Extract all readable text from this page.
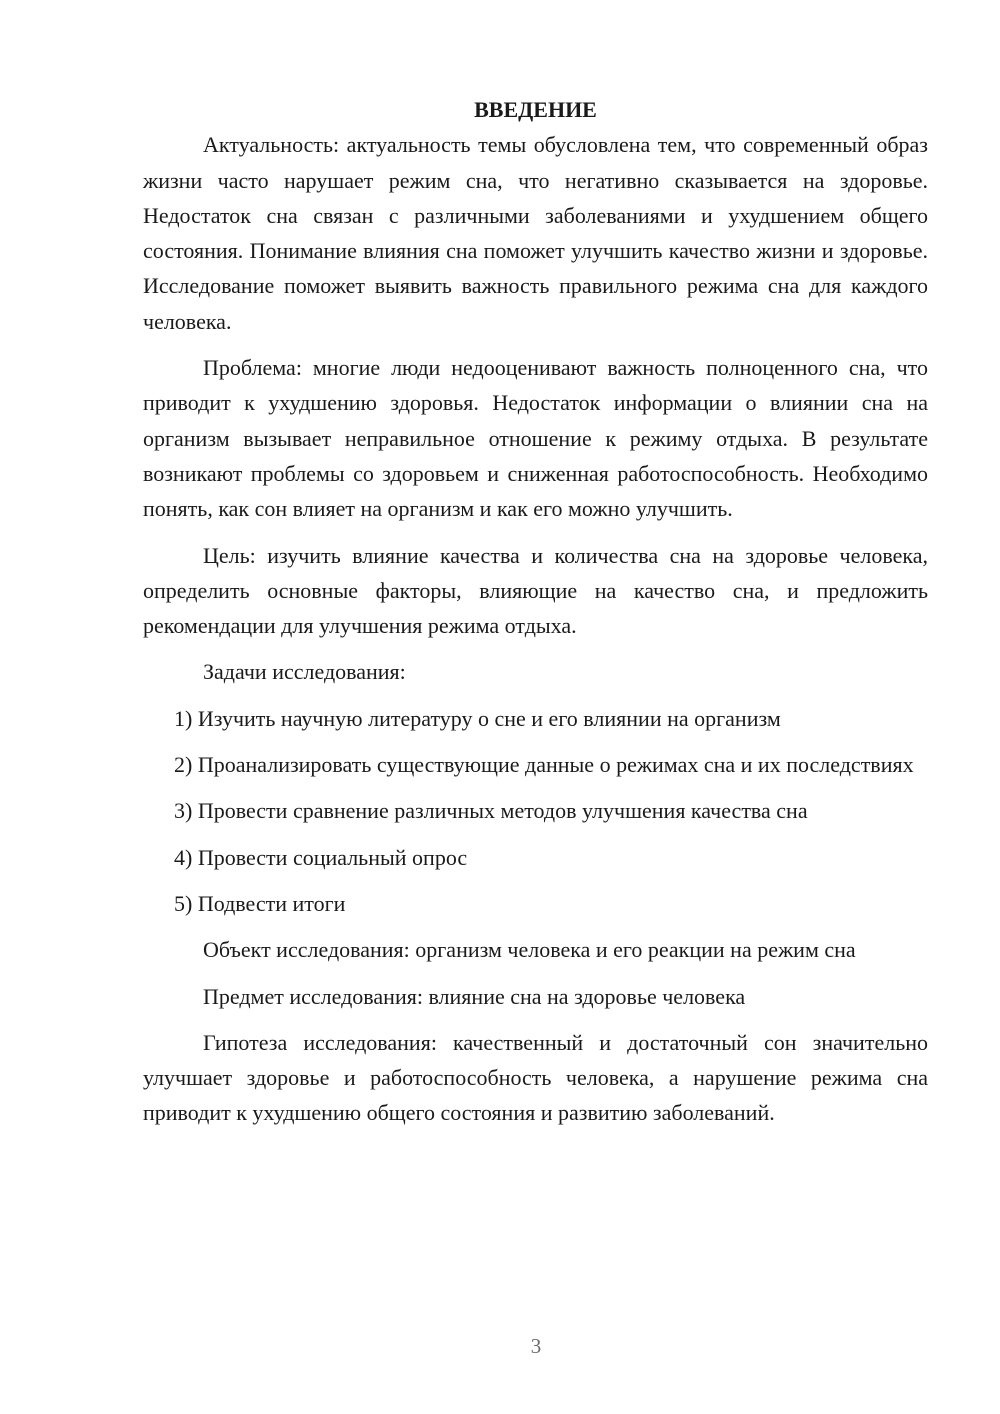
ВВЕДЕНИЕ

Актуальность: актуальность темы обусловлена тем, что современный образ жизни часто нарушает режим сна, что негативно сказывается на здоровье. Недостаток сна связан с различными заболеваниями и ухудшением общего состояния. Понимание влияния сна поможет улучшить качество жизни и здоровье. Исследование поможет выявить важность правильного режима сна для каждого человека.

Проблема: многие люди недооценивают важность полноценного сна, что приводит к ухудшению здоровья. Недостаток информации о влиянии сна на организм вызывает неправильное отношение к режиму отдыха. В результате возникают проблемы со здоровьем и сниженная работоспособность. Необходимо понять, как сон влияет на организм и как его можно улучшить.

Цель: изучить влияние качества и количества сна на здоровье человека, определить основные факторы, влияющие на качество сна, и предложить рекомендации для улучшения режима отдыха.

Задачи исследования:

1) Изучить научную литературу о сне и его влиянии на организм

2) Проанализировать существующие данные о режимах сна и их последствиях

3) Провести сравнение различных методов улучшения качества сна

4) Провести социальный опрос

5) Подвести итоги

Объект исследования: организм человека и его реакции на режим сна

Предмет исследования: влияние сна на здоровье человека

Гипотеза исследования: качественный и достаточный сон значительно улучшает здоровье и работоспособность человека, а нарушение режима сна приводит к ухудшению общего состояния и развитию заболеваний.

3
